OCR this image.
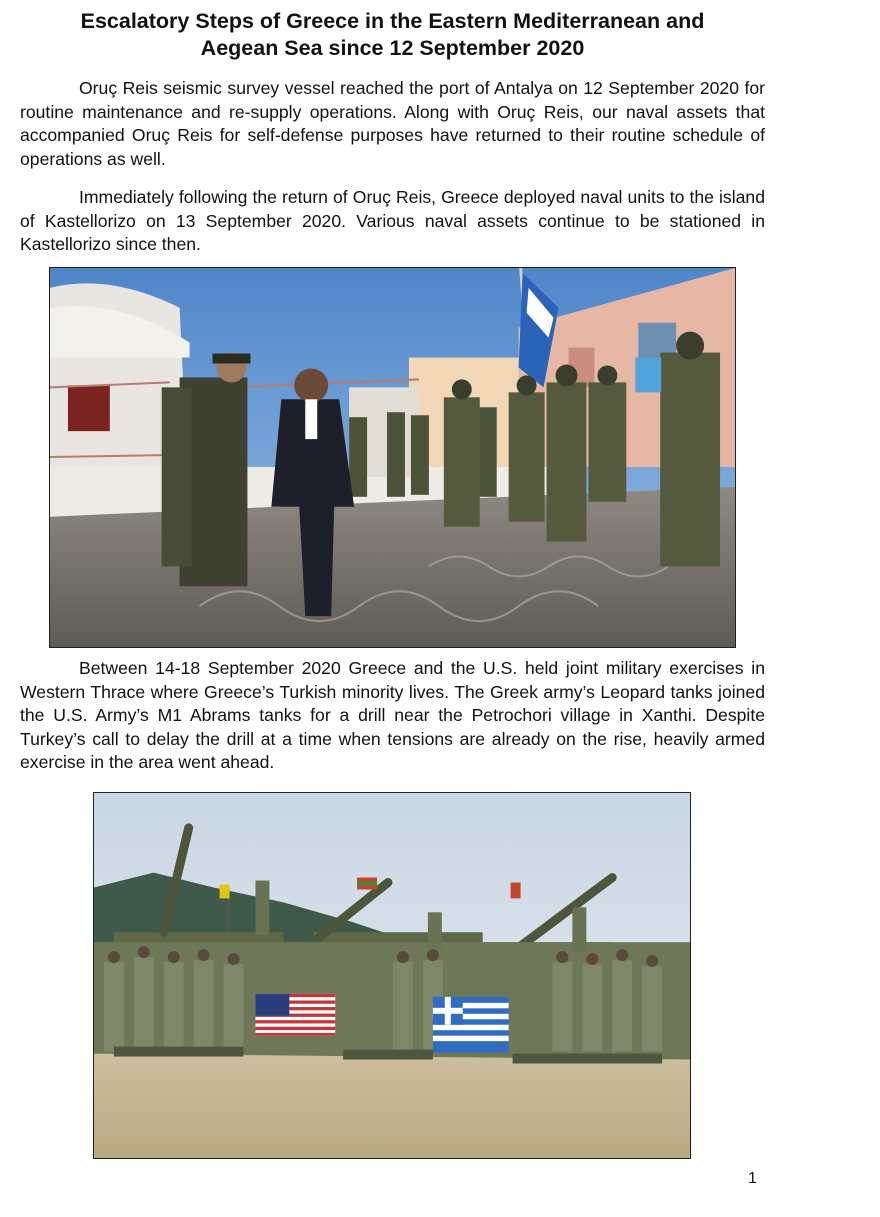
Escalatory Steps of Greece in the Eastern Mediterranean and
Aegean Sea since 12 September 2020

Oruç Reis seismic survey vessel reached the port of Antalya on 12 September 2020 for routine maintenance and re-supply operations. Along with Oruç Reis, our naval assets that accompanied Oruç Reis for self-defense purposes have returned to their routine schedule of operations as well.

Immediately following the return of Oruç Reis, Greece deployed naval units to the island of Kastellorizo on 13 September 2020. Various naval assets continue to be stationed in Kastellorizo since then.

Between 14-18 September 2020 Greece and the U.S. held joint military exercises in Western Thrace where Greece’s Turkish minority lives. The Greek army’s Leopard tanks joined the U.S. Army’s M1 Abrams tanks for a drill near the Petrochori village in Xanthi. Despite Turkey’s call to delay the drill at a time when tensions are already on the rise, heavily armed exercise in the area went ahead.

1
